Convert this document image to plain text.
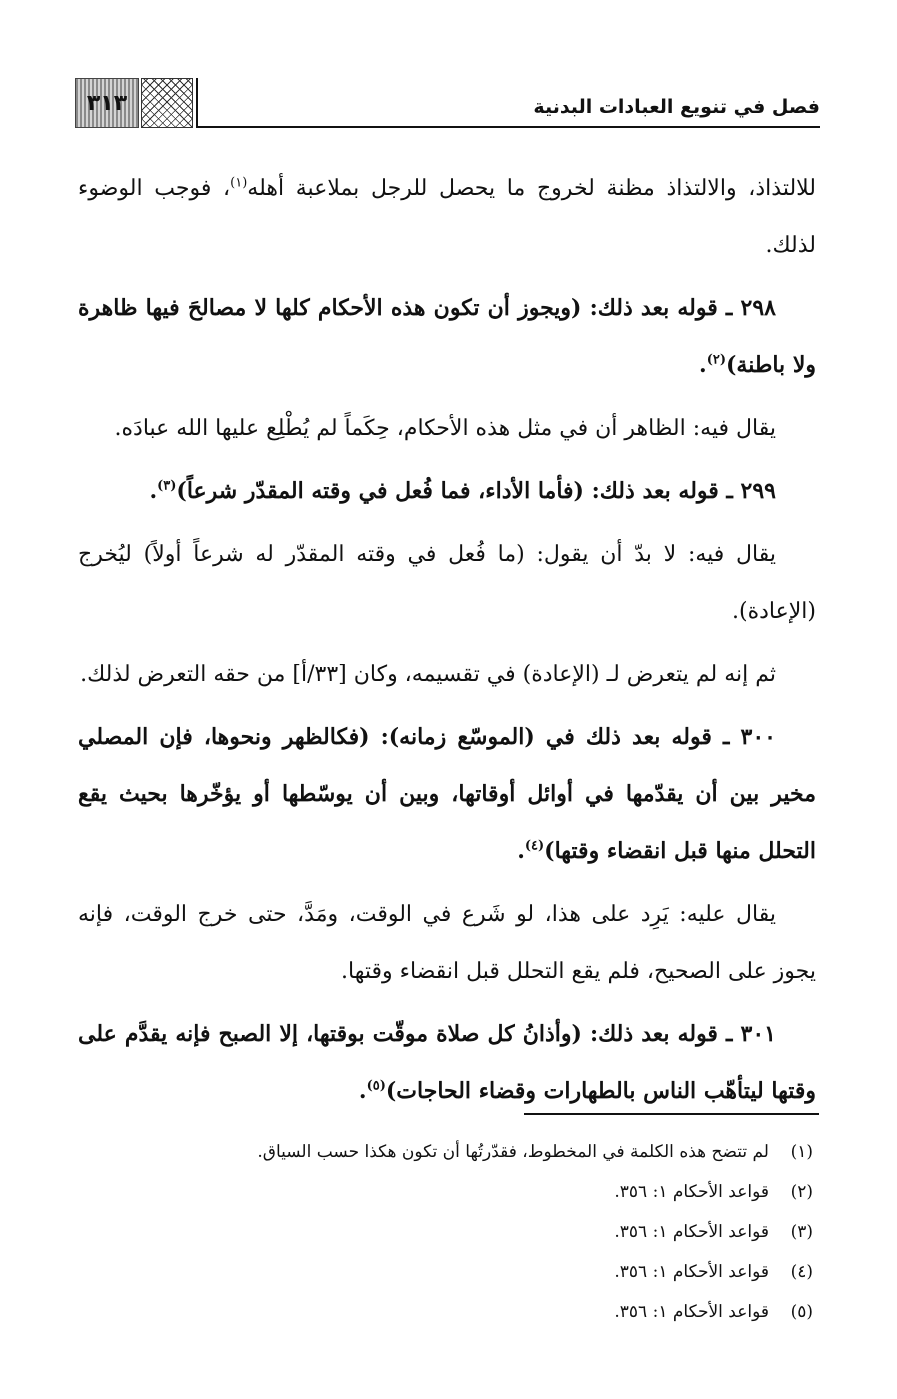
فصل في تنويع العبادات البدنية
٣١٣

للالتذاذ، والالتذاذ مظنة لخروج ما يحصل للرجل بملاعبة أهله$^{(١)}$، فوجب الوضوء لذلك.

٢٩٨ ـ قوله بعد ذلك: (ويجوز أن تكون هذه الأحكام كلها لا مصالحَ فيها ظاهرة ولا باطنة)$^{(٢)}$.

يقال فيه: الظاهر أن في مثل هذه الأحكام، حِكَماً لم يُطْلِع عليها الله عبادَه.

٢٩٩ ـ قوله بعد ذلك: (فأما الأداء، فما فُعل في وقته المقدّر شرعاً)$^{(٣)}$.

يقال فيه: لا بدّ أن يقول: (ما فُعل في وقته المقدّر له شرعاً أولاً) ليُخرج (الإعادة).

ثم إنه لم يتعرض لـ (الإعادة) في تقسيمه، وكان [٣٣/أ] من حقه التعرض لذلك.

٣٠٠ ـ قوله بعد ذلك في (الموسّع زمانه): (فكالظهر ونحوها، فإن المصلي مخير بين أن يقدّمها في أوائل أوقاتها، وبين أن يوسّطها أو يؤخّرها بحيث يقع التحلل منها قبل انقضاء وقتها)$^{(٤)}$.

يقال عليه: يَرِد على هذا، لو شَرع في الوقت، ومَدَّ، حتى خرج الوقت، فإنه يجوز على الصحيح، فلم يقع التحلل قبل انقضاء وقتها.

٣٠١ ـ قوله بعد ذلك: (وأذانُ كل صلاة موقّت بوقتها، إلا الصبح فإنه يقدَّم على وقتها ليتأهّب الناس بالطهارات وقضاء الحاجات)$^{(٥)}$.

(١)
لم تتضح هذه الكلمة في المخطوط، فقدّرتُها أن تكون هكذا حسب السياق.
(٢)
قواعد الأحكام ١: ٣٥٦.
(٣)
قواعد الأحكام ١: ٣٥٦.
(٤)
قواعد الأحكام ١: ٣٥٦.
(٥)
قواعد الأحكام ١: ٣٥٦.
